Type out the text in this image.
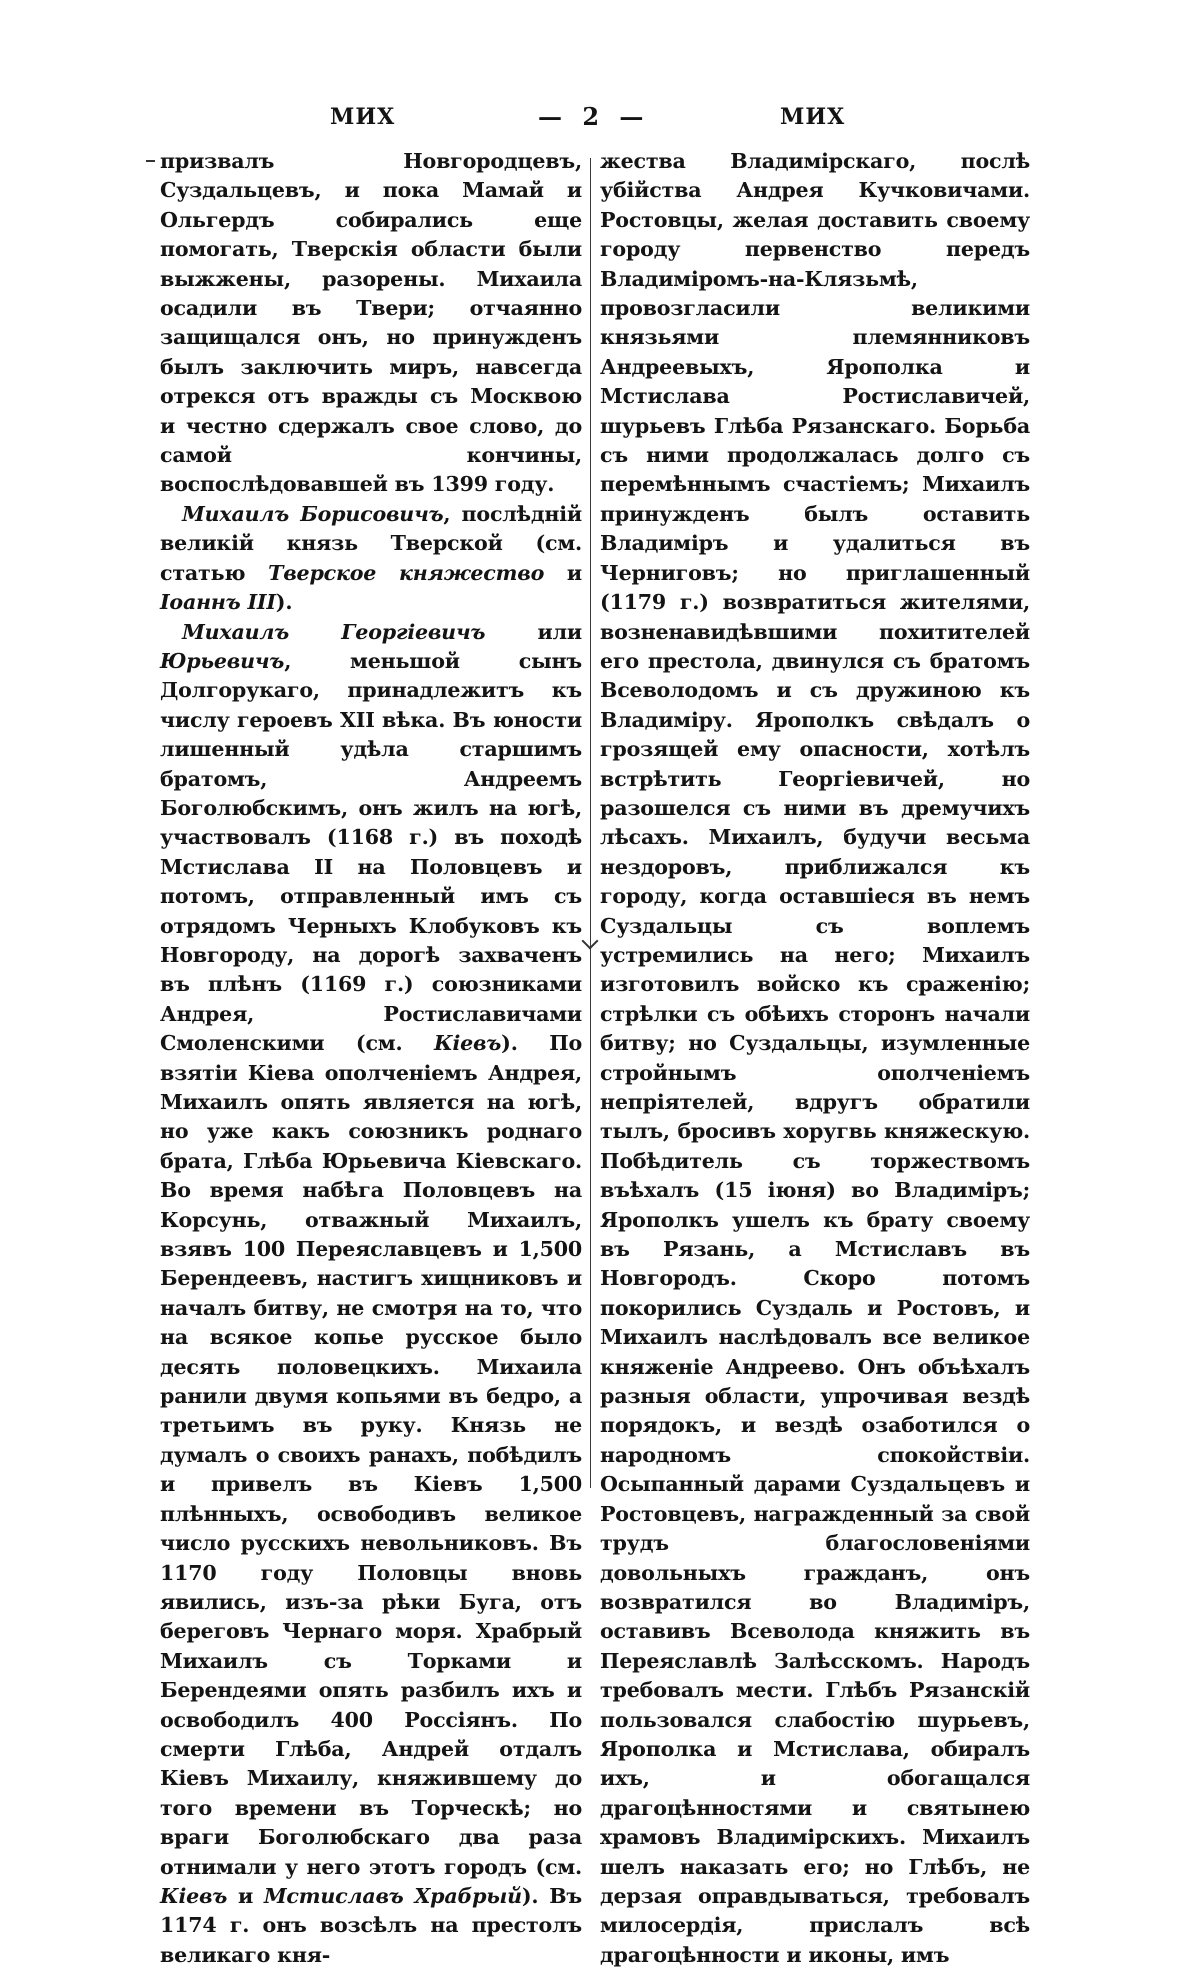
МИХ	— 2 —	МИХ

призвалъ Новгородцевъ, Суздальцевъ, и пока Мамай и Ольгердъ собирались еще помогать, Тверскія области были выжжены, разорены. Михаила осадили въ Твери; отчаянно защищался онъ, но принужденъ былъ заключить миръ, навсегда отрекся отъ вражды съ Москвою и честно сдержалъ свое слово, до самой кончины, воспослѣдовавшей въ 1399 году.

Михаилъ Борисовичъ, послѣдній великій князь Тверской (см. статью Тверское княжество и Іоаннъ III).

Михаилъ Георгіевичъ или Юрьевичъ, меньшой сынъ Долгорукаго, принадлежитъ къ числу героевъ XII вѣка. Въ юности лишенный удѣла старшимъ братомъ, Андреемъ Боголюбскимъ, онъ жилъ на югѣ, участвовалъ (1168 г.) въ походѣ Мстислава II на Половцевъ и потомъ, отправленный имъ съ отрядомъ Черныхъ Клобуковъ къ Новгороду, на дорогѣ захваченъ въ плѣнъ (1169 г.) союзниками Андрея, Ростиславичами Смоленскими (см. Кіевъ). По взятіи Кіева ополченіемъ Андрея, Михаилъ опять является на югѣ, но уже какъ союзникъ роднаго брата, Глѣба Юрьевича Кіевскаго. Во время набѣга Половцевъ на Корсунь, отважный Михаилъ, взявъ 100 Переяславцевъ и 1,500 Берендеевъ, настигъ хищниковъ и началъ битву, не смотря на то, что на всякое копье русское было десять половецкихъ. Михаила ранили двумя копьями въ бедро, а третьимъ въ руку. Князь не думалъ о своихъ ранахъ, побѣдилъ и привелъ въ Кіевъ 1,500 плѣнныхъ, освободивъ великое число русскихъ невольниковъ. Въ 1170 году Половцы вновь явились, изъ-за рѣки Буга, отъ береговъ Чернаго моря. Храбрый Михаилъ съ Торками и Берендеями опять разбилъ ихъ и освободилъ 400 Россіянъ. По смерти Глѣба, Андрей отдалъ Кіевъ Михаилу, княжившему до того времени въ Торческѣ; но враги Боголюбскаго два раза отнимали у него этотъ городъ (см. Кіевъ и Мстиславъ Храбрый). Въ 1174 г. онъ возсѣлъ на престолъ великаго кня-

жества Владимірскаго, послѣ убійства Андрея Кучковичами. Ростовцы, желая доставить своему городу первенство передъ Владиміромъ-на-Клязьмѣ, провозгласили великими князьями племянниковъ Андреевыхъ, Ярополка и Мстислава Ростиславичей, шурьевъ Глѣба Рязанскаго. Борьба съ ними продолжалась долго съ перемѣннымъ счастіемъ; Михаилъ принужденъ былъ оставить Владиміръ и удалиться въ Черниговъ; но приглашенный (1179 г.) возвратиться жителями, возненавидѣвшими похитителей его престола, двинулся съ братомъ Всеволодомъ и съ дружиною къ Владиміру. Ярополкъ свѣдалъ о грозящей ему опасности, хотѣлъ встрѣтить Георгіевичей, но разошелся съ ними въ дремучихъ лѣсахъ. Михаилъ, будучи весьма нездоровъ, приближался къ городу, когда оставшіеся въ немъ Суздальцы съ воплемъ устремились на него; Михаилъ изготовилъ войско къ сраженію; стрѣлки съ обѣихъ сторонъ начали битву; но Суздальцы, изумленные стройнымъ ополченіемъ непріятелей, вдругъ обратили тылъ, бросивъ хоругвь княжескую. Побѣдитель съ торжествомъ въѣхалъ (15 іюня) во Владиміръ; Ярополкъ ушелъ къ брату своему въ Рязань, а Мстиславъ въ Новгородъ. Скоро потомъ покорились Суздаль и Ростовъ, и Михаилъ наслѣдовалъ все великое княженіе Андреево. Онъ объѣхалъ разныя области, упрочивая вездѣ порядокъ, и вездѣ озаботился о народномъ спокойствіи. Осыпанный дарами Суздальцевъ и Ростовцевъ, награжденный за свой трудъ благословеніями довольныхъ гражданъ, онъ возвратился во Владиміръ, оставивъ Всеволода княжить въ Переяславлѣ Залѣсскомъ. Народъ требовалъ мести. Глѣбъ Рязанскій пользовался слабостію шурьевъ, Ярополка и Мстислава, обиралъ ихъ, и обогащался драгоцѣнностями и святынею храмовъ Владимірскихъ. Михаилъ шелъ наказать его; но Глѣбъ, не дерзая оправдываться, требовалъ милосердія, прислалъ всѣ драгоцѣнности и иконы, имъ
